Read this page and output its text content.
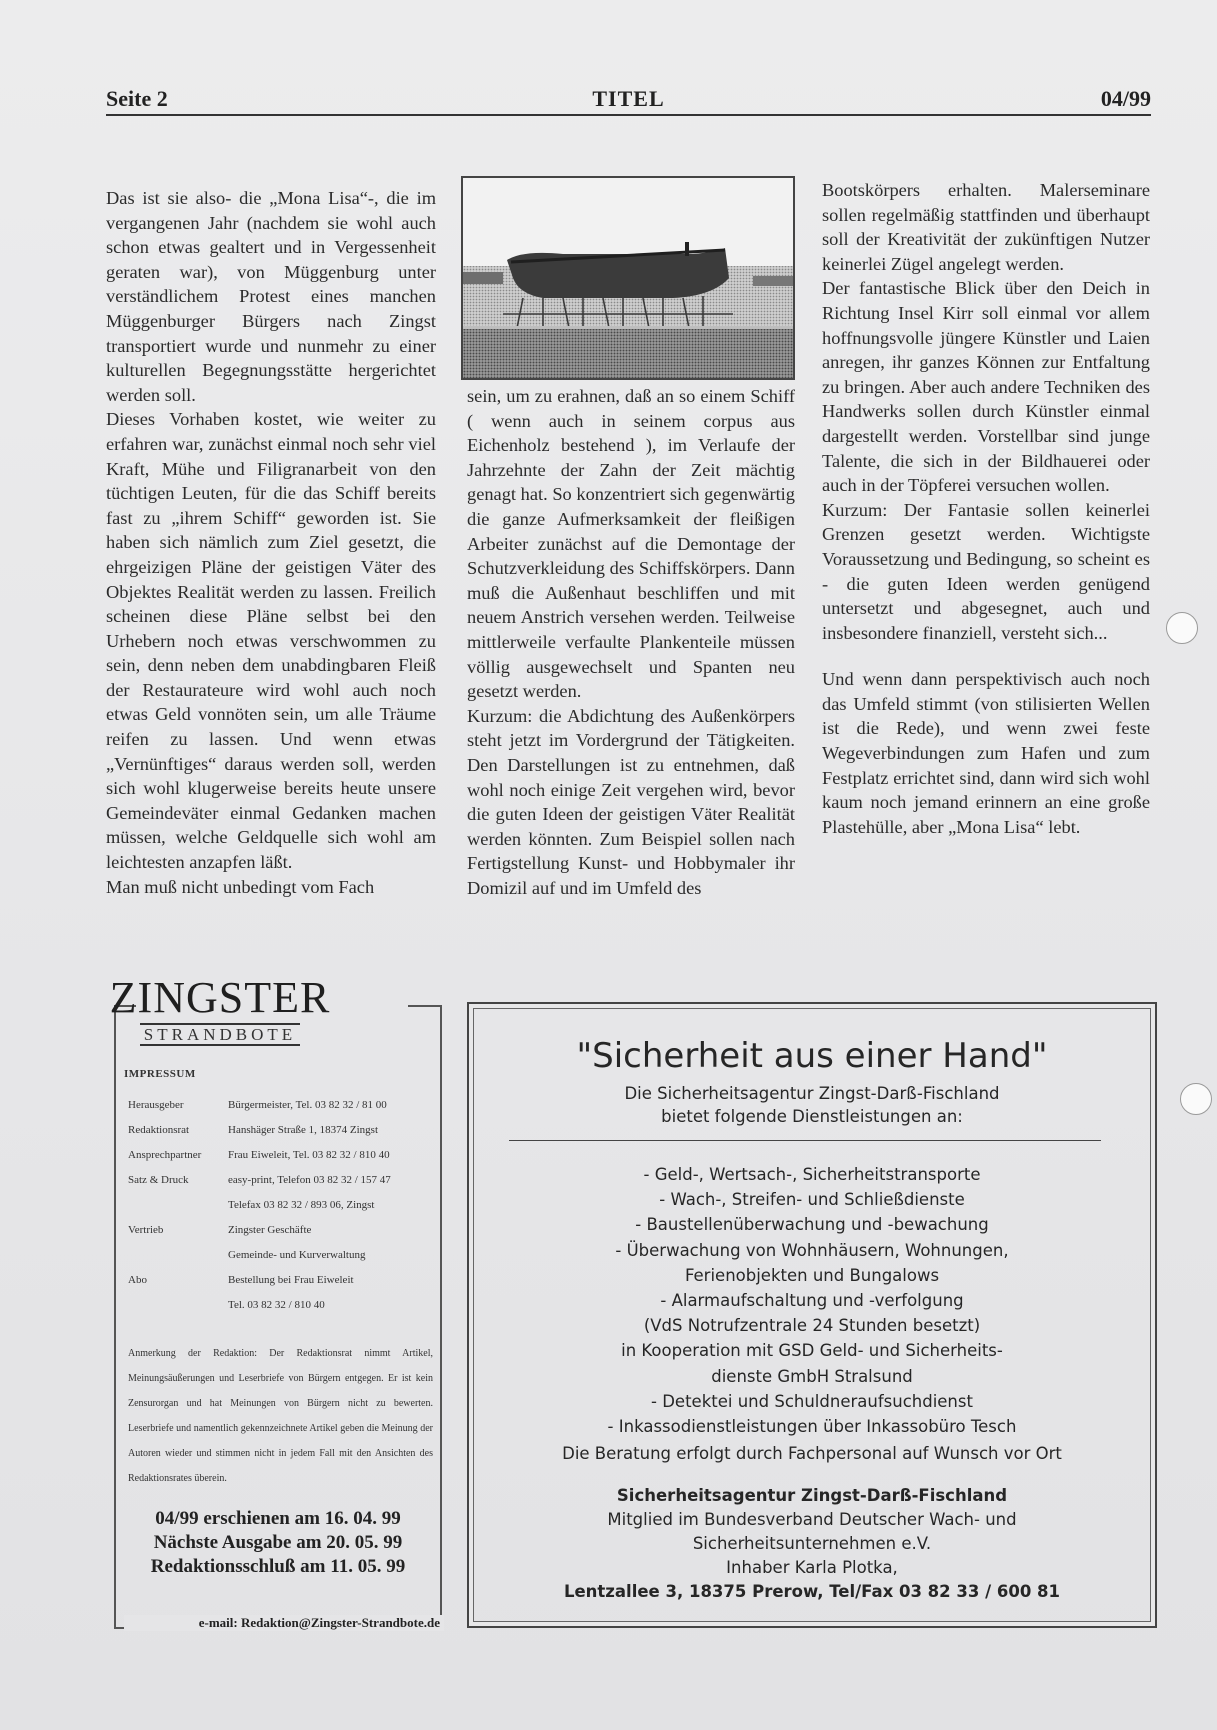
Seite 2	TITEL	04/99

Das ist sie also- die „Mona Lisa“-, die im vergangenen Jahr (nachdem sie wohl auch schon etwas gealtert und in Vergessenheit geraten war), von Müggenburg unter verständlichem Protest eines manchen Müggenburger Bürgers nach Zingst transportiert wurde und nunmehr zu einer kulturellen Begegnungsstätte hergerichtet werden soll.

Dieses Vorhaben kostet, wie weiter zu erfahren war, zunächst einmal noch sehr viel Kraft, Mühe und Filigranarbeit von den tüchtigen Leuten, für die das Schiff bereits fast zu „ihrem Schiff“ geworden ist. Sie haben sich nämlich zum Ziel gesetzt, die ehrgeizigen Pläne der geistigen Väter des Objektes Realität werden zu lassen. Freilich scheinen diese Pläne selbst bei den Urhebern noch etwas verschwommen zu sein, denn neben dem unabdingbaren Fleiß der Restaurateure wird wohl auch noch etwas Geld vonnöten sein, um alle Träume reifen zu lassen. Und wenn etwas „Vernünftiges“ daraus werden soll, werden sich wohl klugerweise bereits heute unsere Gemeindeväter einmal Gedanken machen müssen, welche Geldquelle sich wohl am leichtesten anzapfen läßt.

Man muß nicht unbedingt vom Fach

sein, um zu erahnen, daß an so einem Schiff ( wenn auch in seinem corpus aus Eichenholz bestehend ), im Verlaufe der Jahrzehnte der Zahn der Zeit mächtig genagt hat. So konzentriert sich gegenwärtig die ganze Aufmerksamkeit der fleißigen Arbeiter zunächst auf die Demontage der Schutzverkleidung des Schiffskörpers. Dann muß die Außenhaut beschliffen und mit neuem Anstrich versehen werden. Teilweise mittlerweile verfaulte Plankenteile müssen völlig ausgewechselt und Spanten neu gesetzt werden.

Kurzum: die Abdichtung des Außenkörpers steht jetzt im Vordergrund der Tätigkeiten. Den Darstellungen ist zu entnehmen, daß wohl noch einige Zeit vergehen wird, bevor die guten Ideen der geistigen Väter Realität werden könnten. Zum Beispiel sollen nach Fertigstellung Kunst- und Hobbymaler ihr Domizil auf und im Umfeld des

Bootskörpers erhalten. Malerseminare sollen regelmäßig stattfinden und überhaupt soll der Kreativität der zukünftigen Nutzer keinerlei Zügel angelegt werden.

Der fantastische Blick über den Deich in Richtung Insel Kirr soll einmal vor allem hoffnungsvolle jüngere Künstler und Laien anregen, ihr ganzes Können zur Entfaltung zu bringen. Aber auch andere Techniken des Handwerks sollen durch Künstler einmal dargestellt werden. Vorstellbar sind junge Talente, die sich in der Bildhauerei oder auch in der Töpferei versuchen wollen.

Kurzum: Der Fantasie sollen keinerlei Grenzen gesetzt werden. Wichtigste Voraussetzung und Bedingung, so scheint es - die guten Ideen werden genügend untersetzt und abgesegnet, auch und insbesondere finanziell, versteht sich...

Und wenn dann perspektivisch auch noch das Umfeld stimmt (von stilisierten Wellen ist die Rede), und wenn zwei feste Wegeverbindungen zum Hafen und zum Festplatz errichtet sind, dann wird sich wohl kaum noch jemand erinnern an eine große Plastehülle, aber „Mona Lisa“ lebt.

ZINGSTER
STRANDBOTE
IMPRESSUM
Herausgeber	Bürgermeister, Tel. 03 82 32 / 81 00
Redaktionsrat	Hanshäger Straße 1, 18374 Zingst
Ansprechpartner	Frau Eiweleit, Tel. 03 82 32 / 810 40
Satz & Druck	easy-print, Telefon 03 82 32 / 157 47
Telefax 03 82 32 / 893 06, Zingst
Vertrieb	Zingster Geschäfte
Gemeinde- und Kurverwaltung
Abo	Bestellung bei Frau Eiweleit
Tel. 03 82 32 / 810 40
Anmerkung der Redaktion: Der Redaktionsrat nimmt Artikel, Meinungsäußerungen und Leserbriefe von Bürgern entgegen. Er ist kein Zensurorgan und hat Meinungen von Bürgern nicht zu bewerten. Leserbriefe und namentlich gekennzeichnete Artikel geben die Meinung der Autoren wieder und stimmen nicht in jedem Fall mit den Ansichten des Redaktionsrates überein.
04/99 erschienen am 16. 04. 99
Nächste Ausgabe am 20. 05. 99
Redaktionsschluß am 11. 05. 99
e-mail: Redaktion@Zingster-Strandbote.de
"Sicherheit aus einer Hand"
Die Sicherheitsagentur Zingst-Darß-Fischland
bietet folgende Dienstleistungen an:
- Geld-, Wertsach-, Sicherheitstransporte
- Wach-, Streifen- und Schließdienste
- Baustellenüberwachung und -bewachung
- Überwachung von Wohnhäusern, Wohnungen,
Ferienobjekten und Bungalows
- Alarmaufschaltung und -verfolgung
(VdS Notrufzentrale 24 Stunden besetzt)
in Kooperation mit GSD Geld- und Sicherheits-
dienste GmbH Stralsund
- Detektei und Schuldneraufsuchdienst
- Inkassodienstleistungen über Inkassobüro Tesch
Die Beratung erfolgt durch Fachpersonal auf Wunsch vor Ort
Sicherheitsagentur Zingst-Darß-Fischland
Mitglied im Bundesverband Deutscher Wach- und
Sicherheitsunternehmen e.V.
Inhaber Karla Plotka,
Lentzallee 3, 18375 Prerow, Tel/Fax 03 82 33 / 600 81
